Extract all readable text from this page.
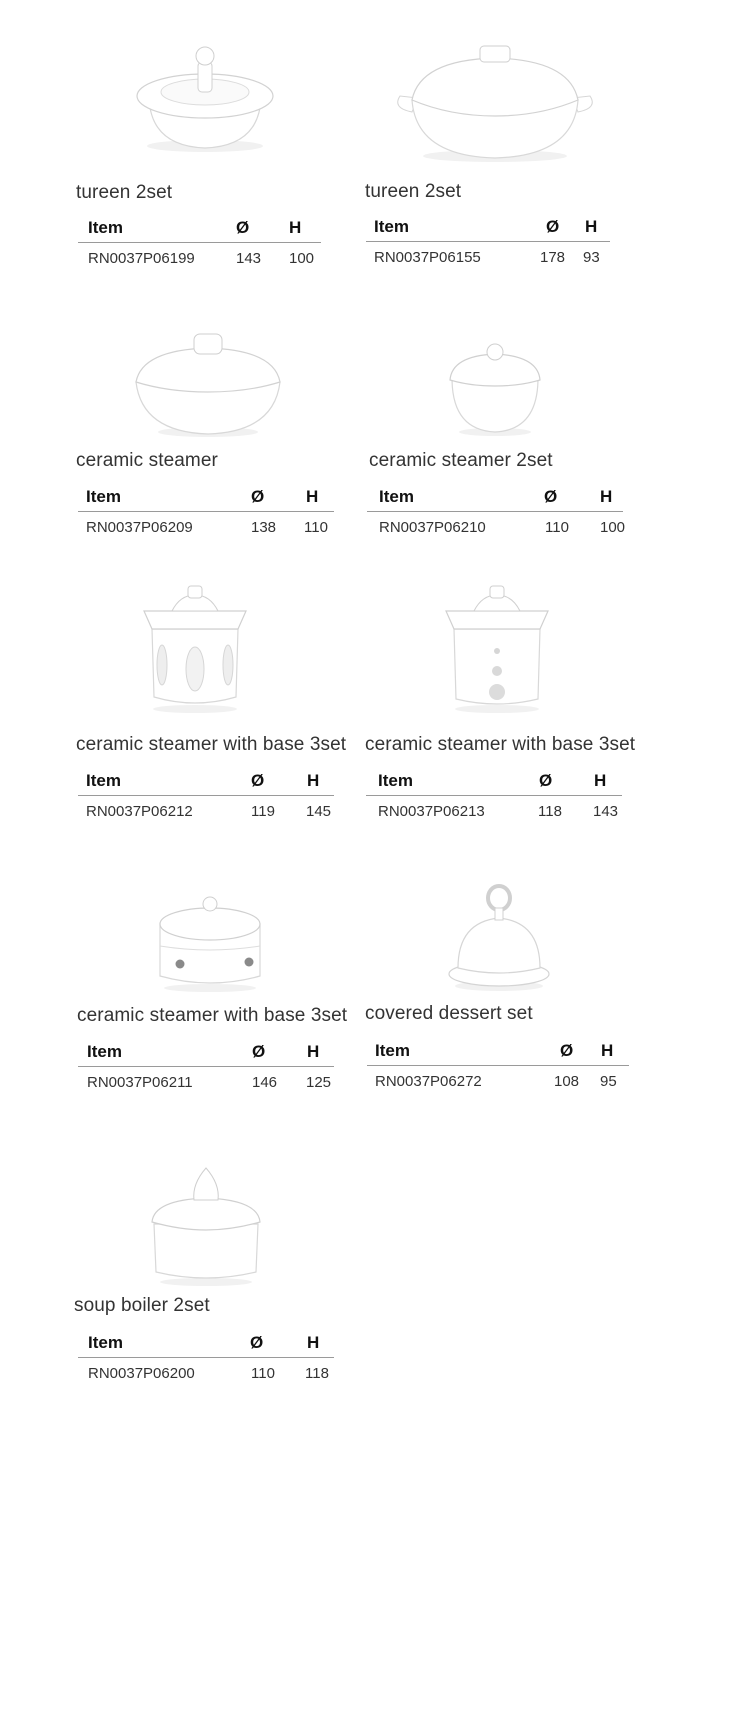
tureen 2set
Item	Ø H
RN0037P06199	143 100
tureen 2set
Item	Ø H
RN0037P06155	178 93
ceramic steamer
Item	Ø H
RN0037P06209	138 110
ceramic steamer 2set
Item	Ø	H
RN0037P06210	110 100
ceramic steamer with base 3set
Item	Ø	H
RN0037P06212	119 145
ceramic steamer with base 3set
Item	Ø H
RN0037P06213	118 143
ceramic steamer with base 3set
Item	Ø H
RN0037P06211	146 125
covered dessert set
Item	Ø H
RN0037P06272	108 95
soup boiler 2set
Item	Ø	H
RN0037P06200	110 118
